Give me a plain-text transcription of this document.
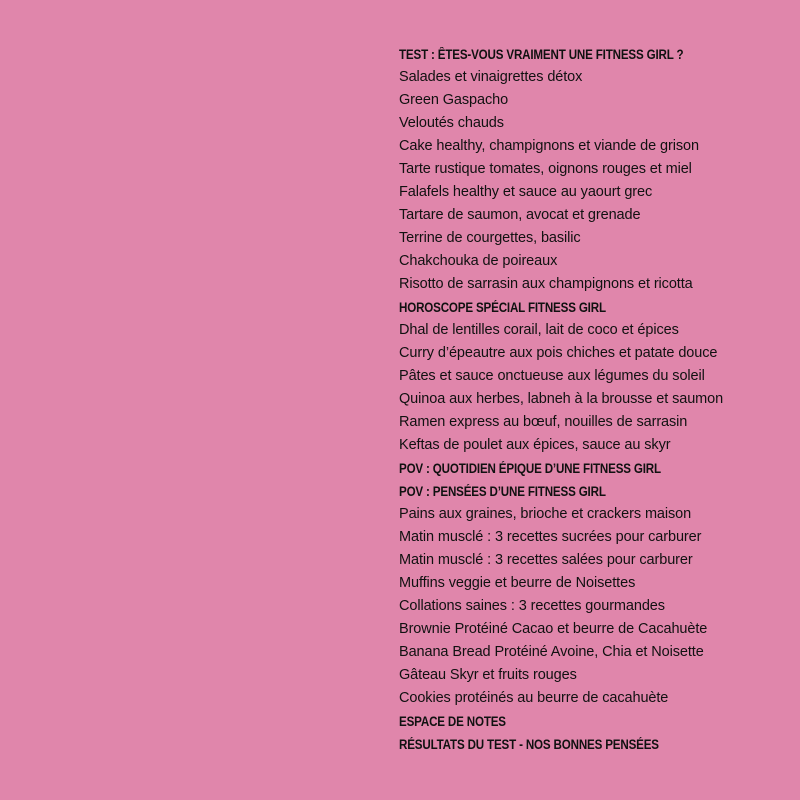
TEST : ÊTES-VOUS VRAIMENT UNE FITNESS GIRL ?
Salades et vinaigrettes détox
Green Gaspacho
Veloutés chauds
Cake healthy, champignons et viande de grison
Tarte rustique tomates, oignons rouges et miel
Falafels healthy et sauce au yaourt grec
Tartare de saumon, avocat et grenade
Terrine de courgettes, basilic
Chakchouka de poireaux
Risotto de sarrasin aux champignons et ricotta
HOROSCOPE SPÉCIAL FITNESS GIRL
Dhal de lentilles corail, lait de coco et épices
Curry d’épeautre aux pois chiches et patate douce
Pâtes et sauce onctueuse aux légumes du soleil
Quinoa aux herbes, labneh à la brousse et saumon
Ramen express au bœuf, nouilles de sarrasin
Keftas de poulet aux épices, sauce au skyr
POV : QUOTIDIEN ÉPIQUE D’UNE FITNESS GIRL
POV : PENSÉES D’UNE FITNESS GIRL
Pains aux graines, brioche et crackers maison
Matin musclé : 3 recettes sucrées pour carburer
Matin musclé : 3 recettes salées pour carburer
Muffins veggie et beurre de Noisettes
Collations saines : 3 recettes gourmandes
Brownie Protéiné Cacao et beurre de Cacahuète
Banana Bread Protéiné Avoine, Chia et Noisette
Gâteau Skyr et fruits rouges
Cookies protéinés au beurre de cacahuète
ESPACE DE NOTES
RÉSULTATS DU TEST - NOS BONNES PENSÉES
